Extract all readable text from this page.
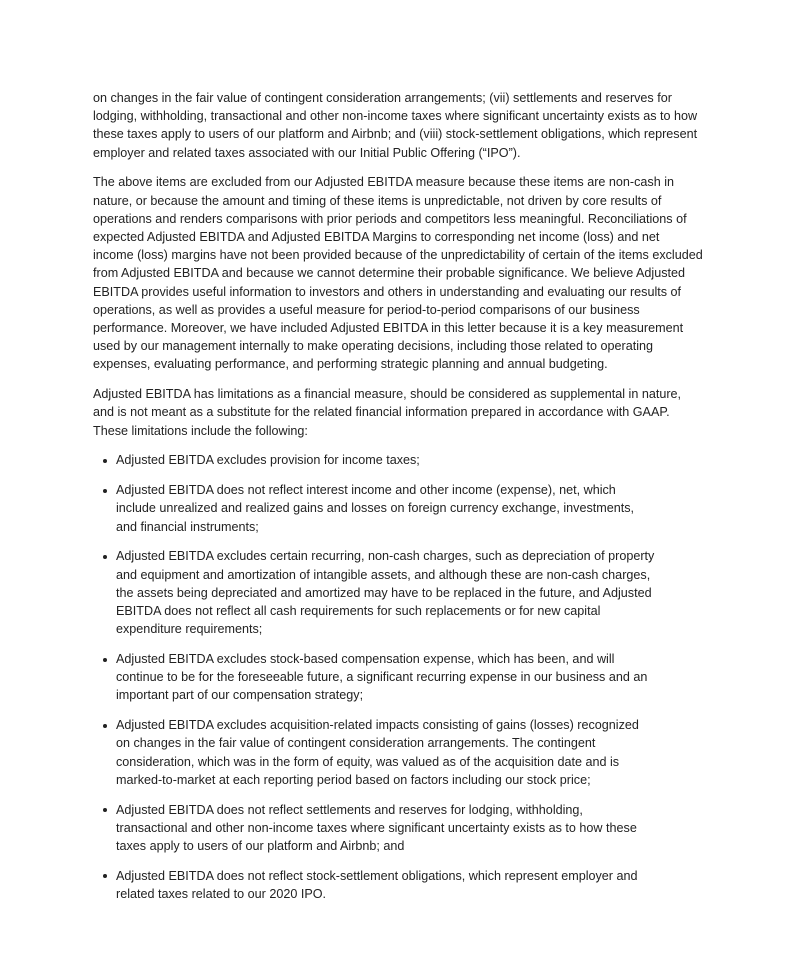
on changes in the fair value of contingent consideration arrangements; (vii) settlements and reserves for lodging, withholding, transactional and other non-income taxes where significant uncertainty exists as to how these taxes apply to users of our platform and Airbnb; and (viii) stock-settlement obligations, which represent employer and related taxes associated with our Initial Public Offering (“IPO”).

The above items are excluded from our Adjusted EBITDA measure because these items are non-cash in nature, or because the amount and timing of these items is unpredictable, not driven by core results of operations and renders comparisons with prior periods and competitors less meaningful. Reconciliations of expected Adjusted EBITDA and Adjusted EBITDA Margins to corresponding net income (loss) and net income (loss) margins have not been provided because of the unpredictability of certain of the items excluded from Adjusted EBITDA and because we cannot determine their probable significance. We believe Adjusted EBITDA provides useful information to investors and others in understanding and evaluating our results of operations, as well as provides a useful measure for period-to-period comparisons of our business performance. Moreover, we have included Adjusted EBITDA in this letter because it is a key measurement used by our management internally to make operating decisions, including those related to operating expenses, evaluating performance, and performing strategic planning and annual budgeting.

Adjusted EBITDA has limitations as a financial measure, should be considered as supplemental in nature, and is not meant as a substitute for the related financial information prepared in accordance with GAAP. These limitations include the following:

Adjusted EBITDA excludes provision for income taxes;
Adjusted EBITDA does not reflect interest income and other income (expense), net, which include unrealized and realized gains and losses on foreign currency exchange, investments, and financial instruments;
Adjusted EBITDA excludes certain recurring, non-cash charges, such as depreciation of property and equipment and amortization of intangible assets, and although these are non-cash charges, the assets being depreciated and amortized may have to be replaced in the future, and Adjusted EBITDA does not reflect all cash requirements for such replacements or for new capital expenditure requirements;
Adjusted EBITDA excludes stock-based compensation expense, which has been, and will continue to be for the foreseeable future, a significant recurring expense in our business and an important part of our compensation strategy;
Adjusted EBITDA excludes acquisition-related impacts consisting of gains (losses) recognized on changes in the fair value of contingent consideration arrangements. The contingent consideration, which was in the form of equity, was valued as of the acquisition date and is marked-to-market at each reporting period based on factors including our stock price;
Adjusted EBITDA does not reflect settlements and reserves for lodging, withholding, transactional and other non-income taxes where significant uncertainty exists as to how these taxes apply to users of our platform and Airbnb; and
Adjusted EBITDA does not reflect stock-settlement obligations, which represent employer and related taxes related to our 2020 IPO.
